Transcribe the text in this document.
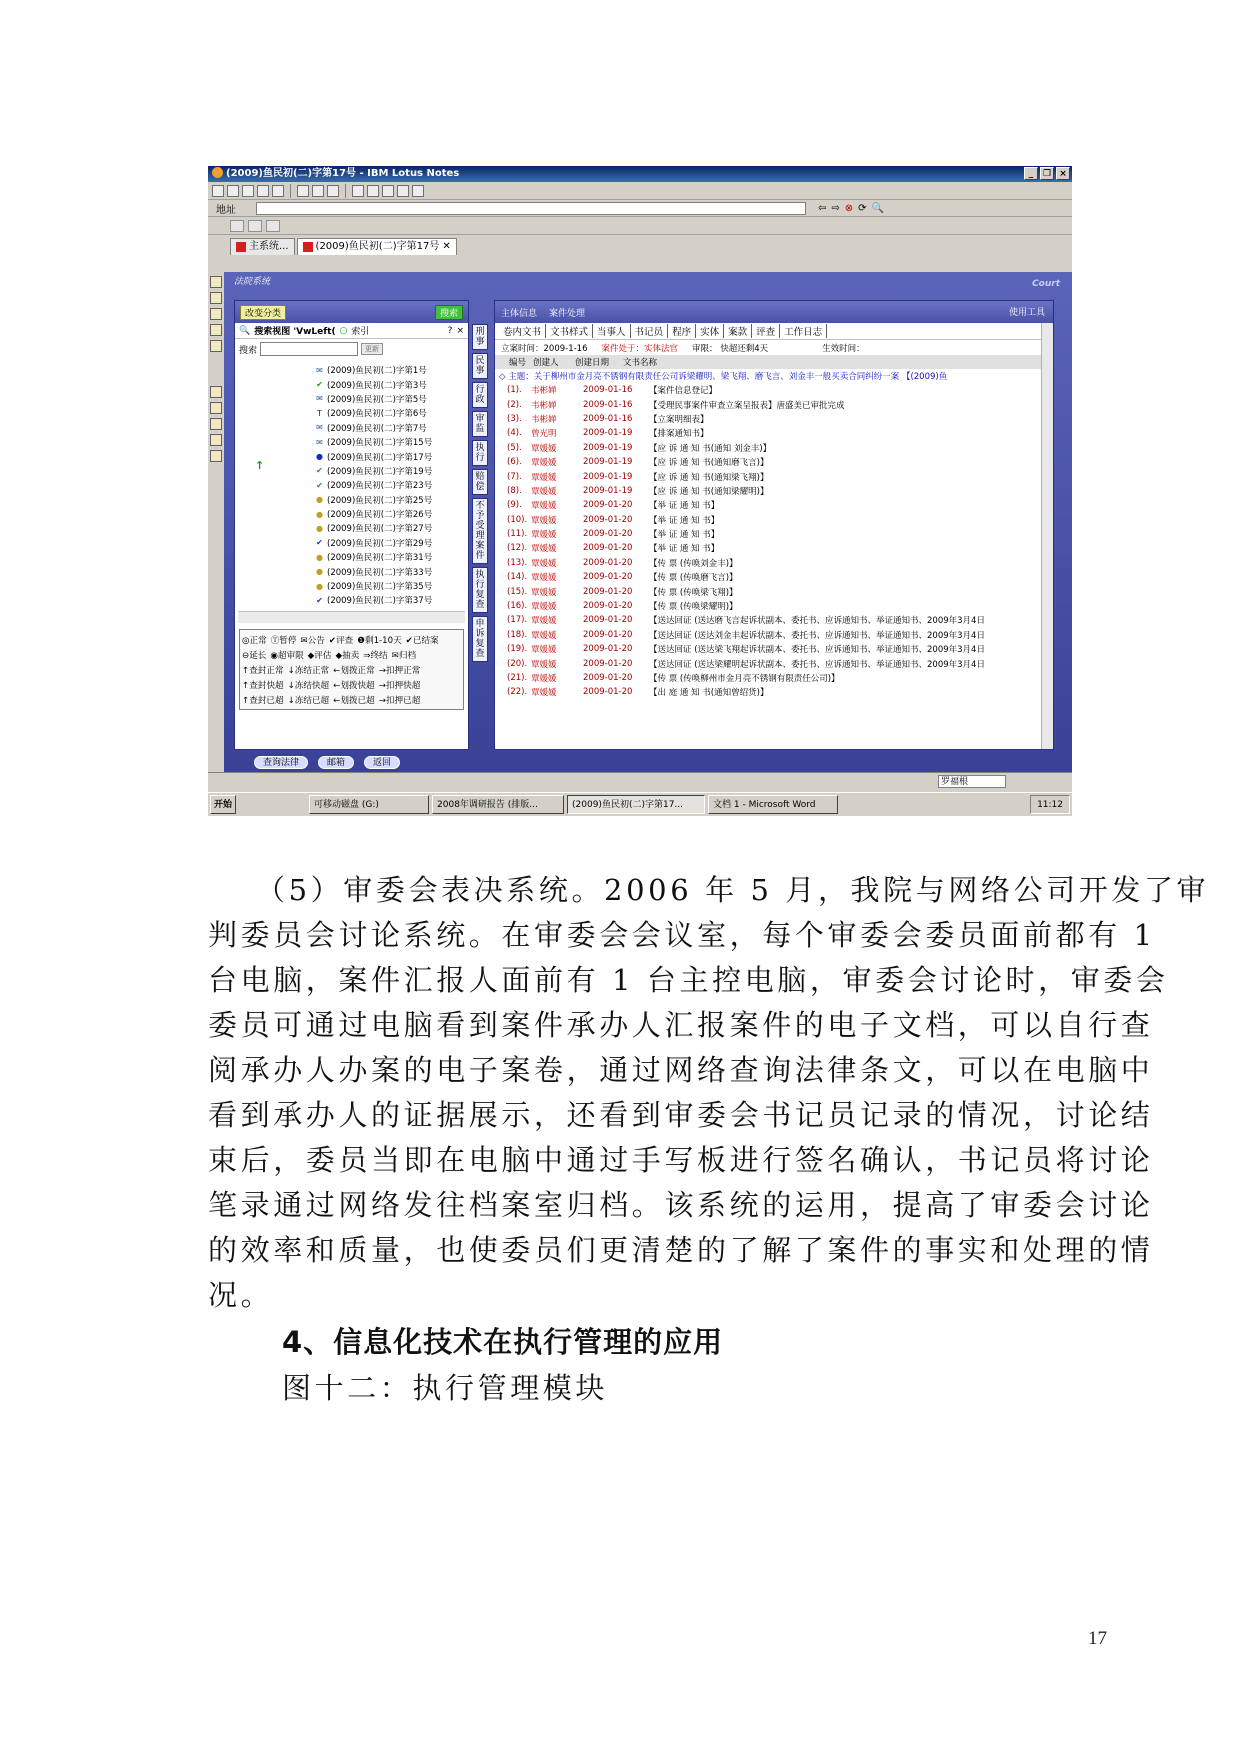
(2009)鱼民初(二)字第17号 - IBM Lotus Notes	_	❐ ×
地址	⇦ ⇨ ⊗ ⟳ 🔍
主系统...	(2009)鱼民初(二)字第17号 ✕
法院系统	Court
改变分类	搜索
🔍 搜索视图 'VwLeft( ○ 索引	? ×
搜索	更新
↑
✉ (2009)鱼民初(二)字第1号
✔ (2009)鱼民初(二)字第3号
✉ (2009)鱼民初(二)字第5号
T (2009)鱼民初(二)字第6号
✉ (2009)鱼民初(二)字第7号
✉ (2009)鱼民初(二)字第15号
● (2009)鱼民初(二)字第17号
✔ (2009)鱼民初(二)字第19号
✔ (2009)鱼民初(二)字第23号
● (2009)鱼民初(二)字第25号
● (2009)鱼民初(二)字第26号
● (2009)鱼民初(二)字第27号
✔ (2009)鱼民初(二)字第29号
● (2009)鱼民初(二)字第31号
● (2009)鱼民初(二)字第33号
● (2009)鱼民初(二)字第35号
✔ (2009)鱼民初(二)字第37号
◎正常 Ⓣ暂停 ✉公告 ✔评查 ❶剩1-10天 ✔已结案
⊖延长 ◉超审限 ◆评估 ◆抽卖 ⇒终结 ✉归档
↑查封正常 ↓冻结正常 ←划拨正常 →扣押正常
↑查封快超 ↓冻结快超 ←划拨快超 →扣押快超
↑查封已超 ↓冻结已超 ←划拨已超 →扣押已超
刑事
民事
行政
审监
执行
赔偿
不予受理案件
执行复查
申诉复查
主体信息 案件处理	使用工具
卷内文书 文书样式 当事人 书记员 程序 实体 案款 评查 工作日志
立案时间：2009-1-16 案件处于：实体法官 审限： 快超还剩4天	生效时间：
编号 创建人	创建日期	文书名称
◇ 主题：关于柳州市金月亮不锈钢有限责任公司诉梁耀明、梁飞翔、磨飞言、刘金丰一般买卖合同纠纷一案 【(2009)鱼
(1).	韦彬婵	2009-01-16	【案件信息登记】
(2).	韦彬婵	2009-01-16	【受理民事案件审查立案呈报表】唐盛美已审批完成
(3).	韦彬婵	2009-01-16	【立案明细表】
(4).	曾光明	2009-01-19	【排案通知书】
(5).	覃媛媛	2009-01-19	【应 诉 通 知 书(通知 刘金丰)】
(6).	覃媛媛	2009-01-19	【应 诉 通 知 书(通知磨飞言)】
(7).	覃媛媛	2009-01-19	【应 诉 通 知 书(通知梁飞翔)】
(8).	覃媛媛	2009-01-19	【应 诉 通 知 书(通知梁耀明)】
(9).	覃媛媛	2009-01-20	【举 证 通 知 书】
(10). 覃媛媛	2009-01-20	【举 证 通 知 书】
(11). 覃媛媛	2009-01-20	【举 证 通 知 书】
(12). 覃媛媛	2009-01-20	【举 证 通 知 书】
(13). 覃媛媛	2009-01-20	【传 票 (传唤刘金丰)】
(14). 覃媛媛	2009-01-20	【传 票 (传唤磨飞言)】
(15). 覃媛媛	2009-01-20	【传 票 (传唤梁飞翔)】
(16). 覃媛媛	2009-01-20	【传 票 (传唤梁耀明)】
(17). 覃媛媛	2009-01-20	【送达回证 (送达磨飞言起诉状副本、委托书、应诉通知书、举证通知书、2009年3月4日
(18). 覃媛媛	2009-01-20	【送达回证 (送达刘金丰起诉状副本、委托书、应诉通知书、举证通知书、2009年3月4日
(19). 覃媛媛	2009-01-20	【送达回证 (送达梁飞翔起诉状副本、委托书、应诉通知书、举证通知书、2009年3月4日
(20). 覃媛媛	2009-01-20	【送达回证 (送达梁耀明起诉状副本、委托书、应诉通知书、举证通知书、2009年3月4日
(21). 覃媛媛	2009-01-20	【传 票 (传唤柳州市金月亮不锈钢有限责任公司)】
(22). 覃媛媛	2009-01-20	【出 庭 通 知 书(通知曾绍货)】
查询法律	邮箱	返回
罗福根
开始	可移动磁盘 (G:)	2008年调研报告 (排版...	(2009)鱼民初(二)字第17...	文档 1 - Microsoft Word	11:12
（5）审委会表决系统。2006 年 5 月，我院与网络公司开发了审
判委员会讨论系统。在审委会会议室，每个审委会委员面前都有 1
台电脑，案件汇报人面前有 1 台主控电脑，审委会讨论时，审委会
委员可通过电脑看到案件承办人汇报案件的电子文档，可以自行查
阅承办人办案的电子案卷，通过网络查询法律条文，可以在电脑中
看到承办人的证据展示，还看到审委会书记员记录的情况，讨论结
束后，委员当即在电脑中通过手写板进行签名确认，书记员将讨论
笔录通过网络发往档案室归档。该系统的运用，提高了审委会讨论
的效率和质量，也使委员们更清楚的了解了案件的事实和处理的情
况。
4、信息化技术在执行管理的应用
图十二：执行管理模块
17
